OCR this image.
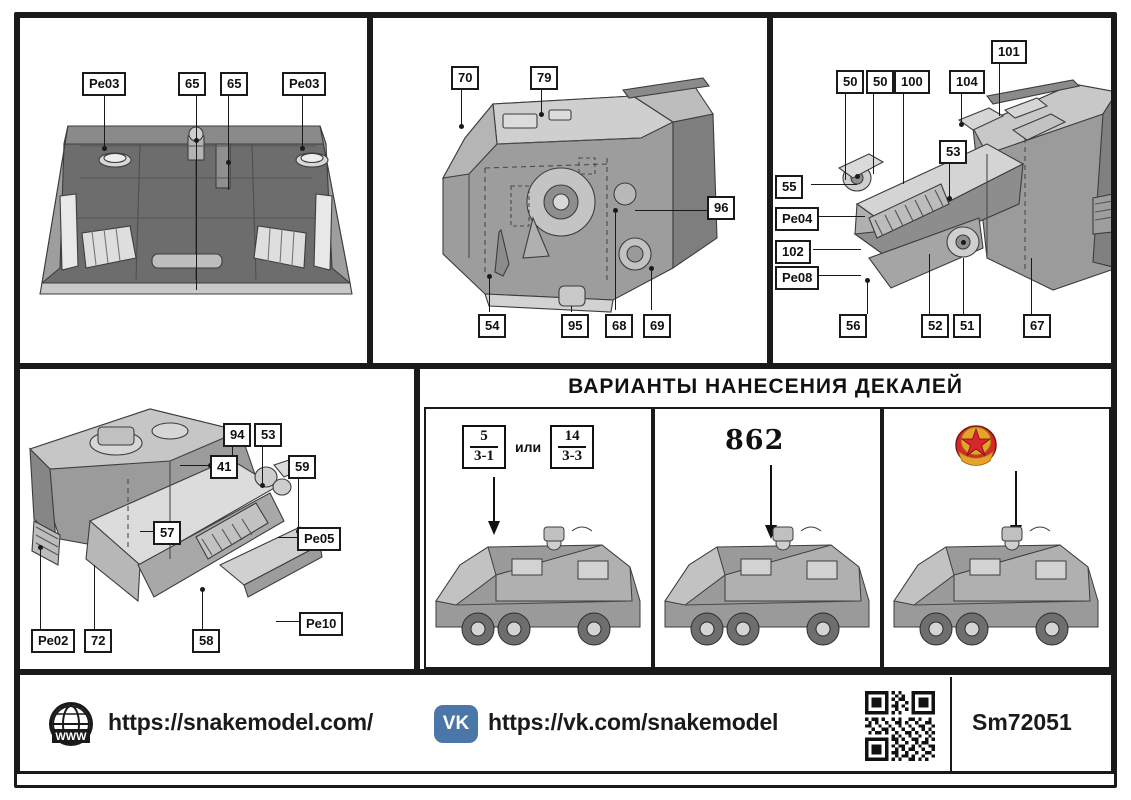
Pe03	65	65	Pe03	70	79
96
54	95	68	69
101
50	50	100	104
53
55
Pe04
102
Pe08
56	52	51	67
94	53
41	59
57	Pe05
Pe10
Pe02	72	58
ВАРИАНТЫ НАНЕСЕНИЯ ДЕКАЛЕЙ
$\frac{5}{3-1}$ или $\frac{14}{3-3}$	862
WWW
https://snakemodel.com/	VK https://vk.com/snakemodel	Sm72051
